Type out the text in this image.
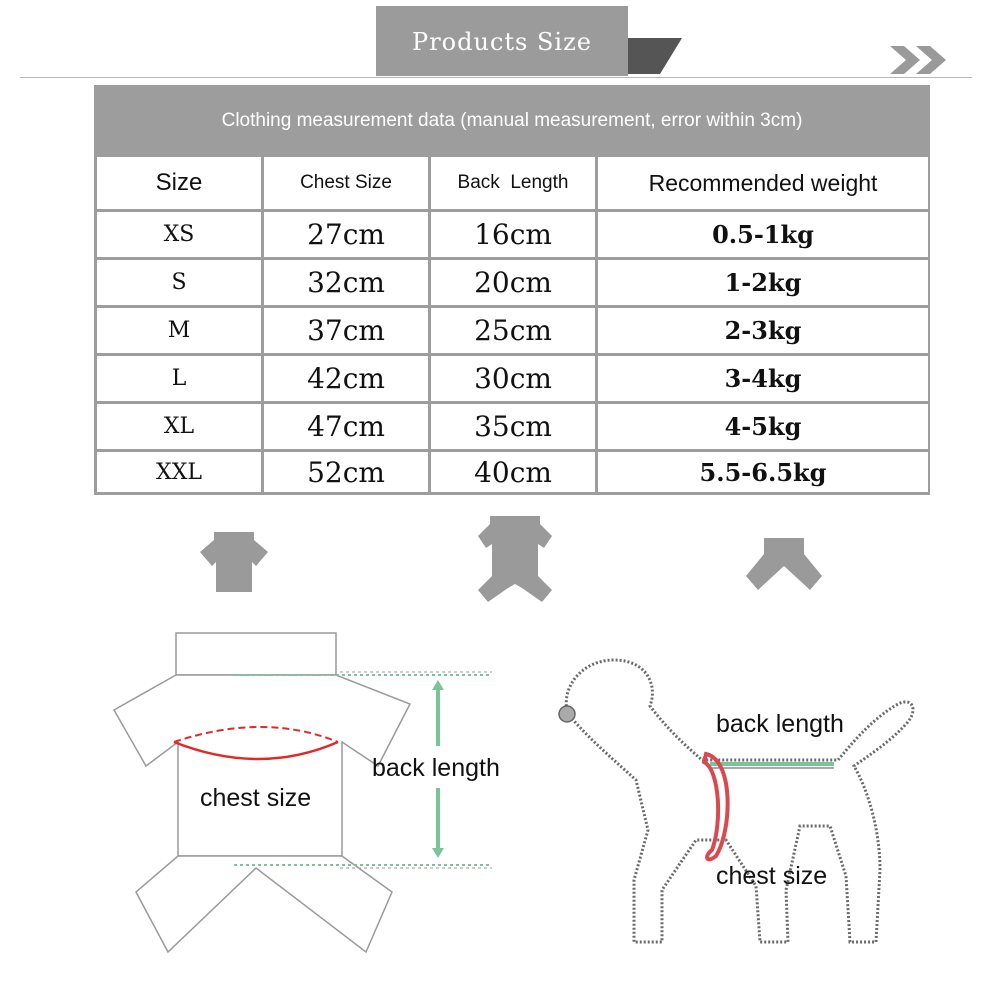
Products Size
Clothing measurement data (manual measurement, error within 3cm)
Size	Chest Size	Back  Length	Recommended weight
XS	27cm	16cm	0.5-1kg
S	32cm	20cm	1-2kg
M	37cm	25cm	2-3kg
L	42cm	30cm	3-4kg
XL	47cm	35cm	4-5kg
XXL	52cm	40cm	5.5-6.5kg
back length
chest size
back length
chest size
